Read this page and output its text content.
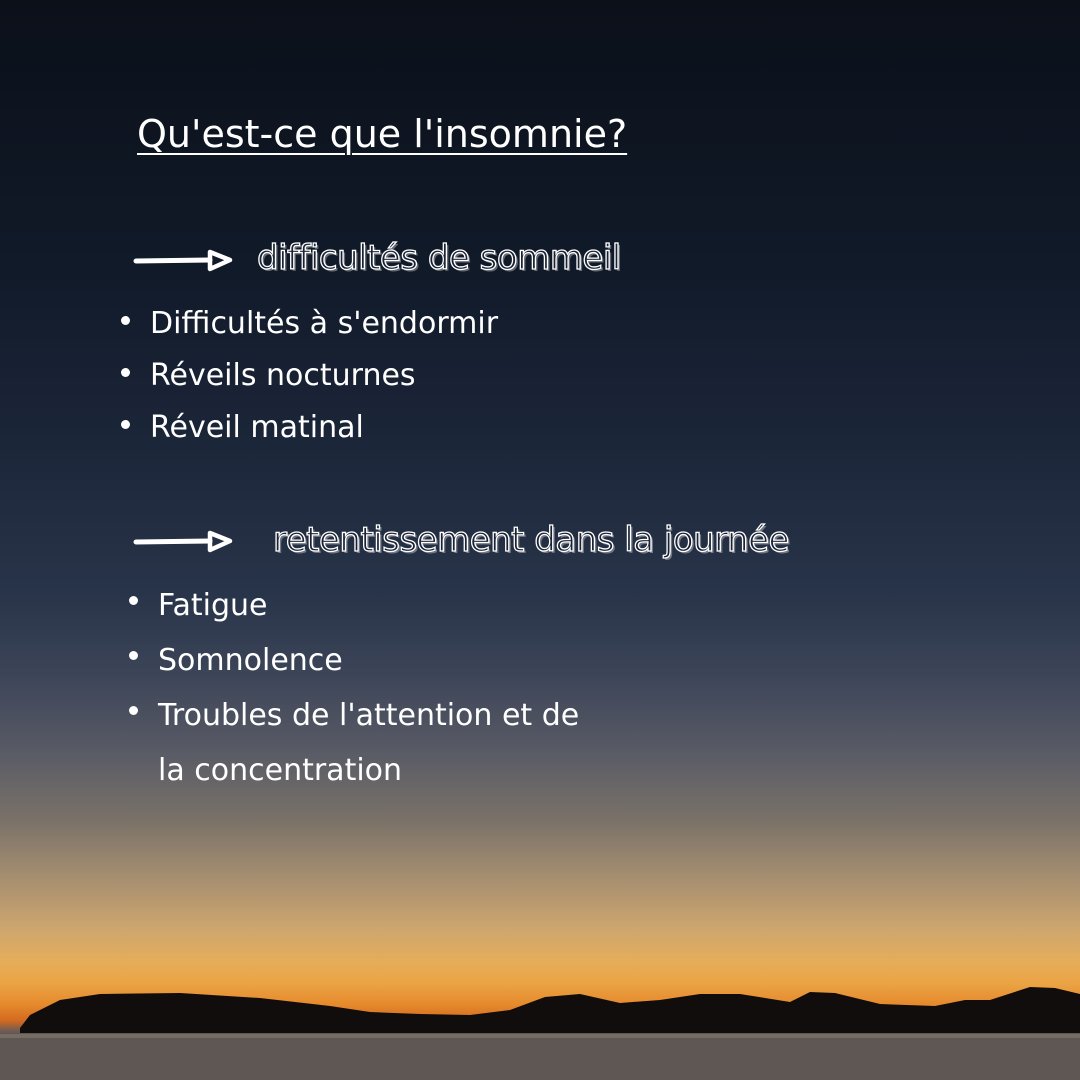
Qu'est-ce que l'insomnie?
difficultés de sommeil
Difficultés à s'endormir
Réveils nocturnes
Réveil matinal
retentissement dans la journée
Fatigue
Somnolence
Troubles de l'attention et de
la concentration
